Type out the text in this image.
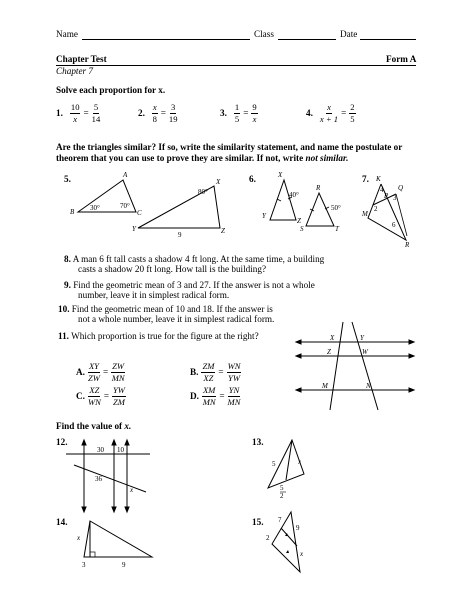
Name	Class	Date
Chapter Test	Form A
Chapter 7
Solve each proportion for x.
1. $\frac{10}{x} = \frac{5}{14}$	2. $\frac{x}{8} = \frac{3}{19}$	3. $\frac{1}{5} = \frac{9}{x}$	4. $\frac{x}{x + 1} = \frac{2}{5}$
Are the triangles similar? If so, write the similarity statement, and name the postulate or
theorem that you can use to prove they are similar. If not, write not similar.
5.	A
B	C
30°	70°
X
Y	Z
80°
9
6.	X
Y
Z
40°
R
S	T
50°
7. K
M
P
Q
R
4
3
2
6
8. A man 6 ft tall casts a shadow 4 ft long. At the same time, a building
casts a shadow 20 ft long. How tall is the building?
9. Find the geometric mean of 3 and 27. If the answer is not a whole
number, leave it in simplest radical form.
10. Find the geometric mean of 10 and 18. If the answer is
not a whole number, leave it in simplest radical form.
11. Which proportion is true for the figure at the right?
A. $\frac{XY}{ZW} = \frac{ZW}{MN}$	B. $\frac{ZM}{XZ} = \frac{WN}{YW}$
C. $\frac{XZ}{WN} = \frac{YW}{ZM}$	D. $\frac{XM}{MN} = \frac{YN}{MN}$
X	Y
Z	W
M	N
Find the value of x.
12.
30 10
36
x
13.
5	x
5
2
14.
x
3	9
15. 7
9
2
x
